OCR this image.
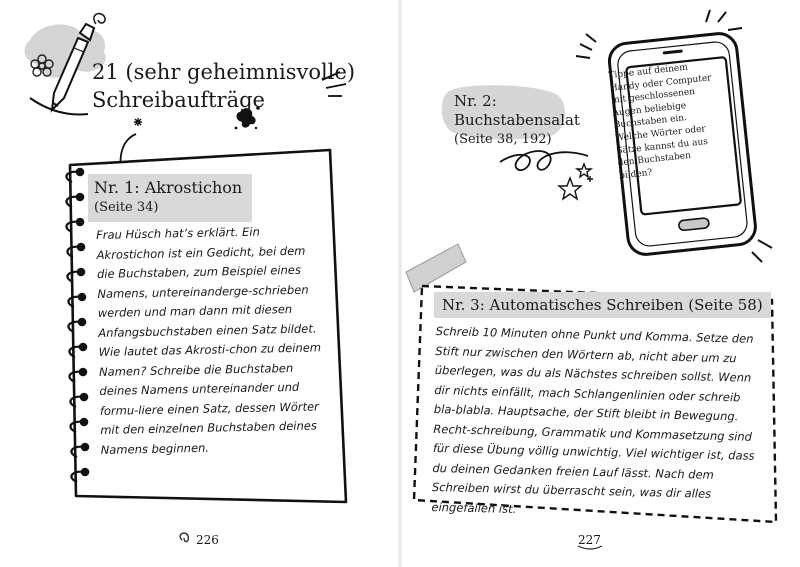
21 (sehr geheimnisvolle)
Schreibaufträge
Nr. 1: Akrostichon
(Seite 34)
Frau Hüsch hat’s erklärt. Ein Akrostichon ist ein Gedicht, bei dem die Buchstaben, zum Beispiel eines Namens, untereinanderge-schrieben werden und man dann mit diesen Anfangsbuchstaben einen Satz bildet. Wie lautet das Akrosti-chon zu deinem Namen? Schreibe die Buchstaben deines Namens untereinander und formu-liere einen Satz, dessen Wörter mit den einzelnen Buchstaben deines Namens beginnen.
226
Nr. 2:
Buchstabensalat
(Seite 38, 192)
Tippe auf deinem Handy oder Computer mit geschlossenen Augen beliebige Buchstaben ein. Welche Wörter oder Sätze kannst du aus den Buchstaben bilden?
Nr. 3: Automatisches Schreiben (Seite 58)
Schreib 10 Minuten ohne Punkt und Komma. Setze den Stift nur zwischen den Wörtern ab, nicht aber um zu überlegen, was du als Nächstes schreiben sollst. Wenn dir nichts einfällt, mach Schlangenlinien oder schreib bla-blabla. Hauptsache, der Stift bleibt in Bewegung. Recht-schreibung, Grammatik und Kommasetzung sind für diese Übung völlig unwichtig. Viel wichtiger ist, dass du deinen Gedanken freien Lauf lässt. Nach dem Schreiben wirst du überrascht sein, was dir alles eingefallen ist.
227
